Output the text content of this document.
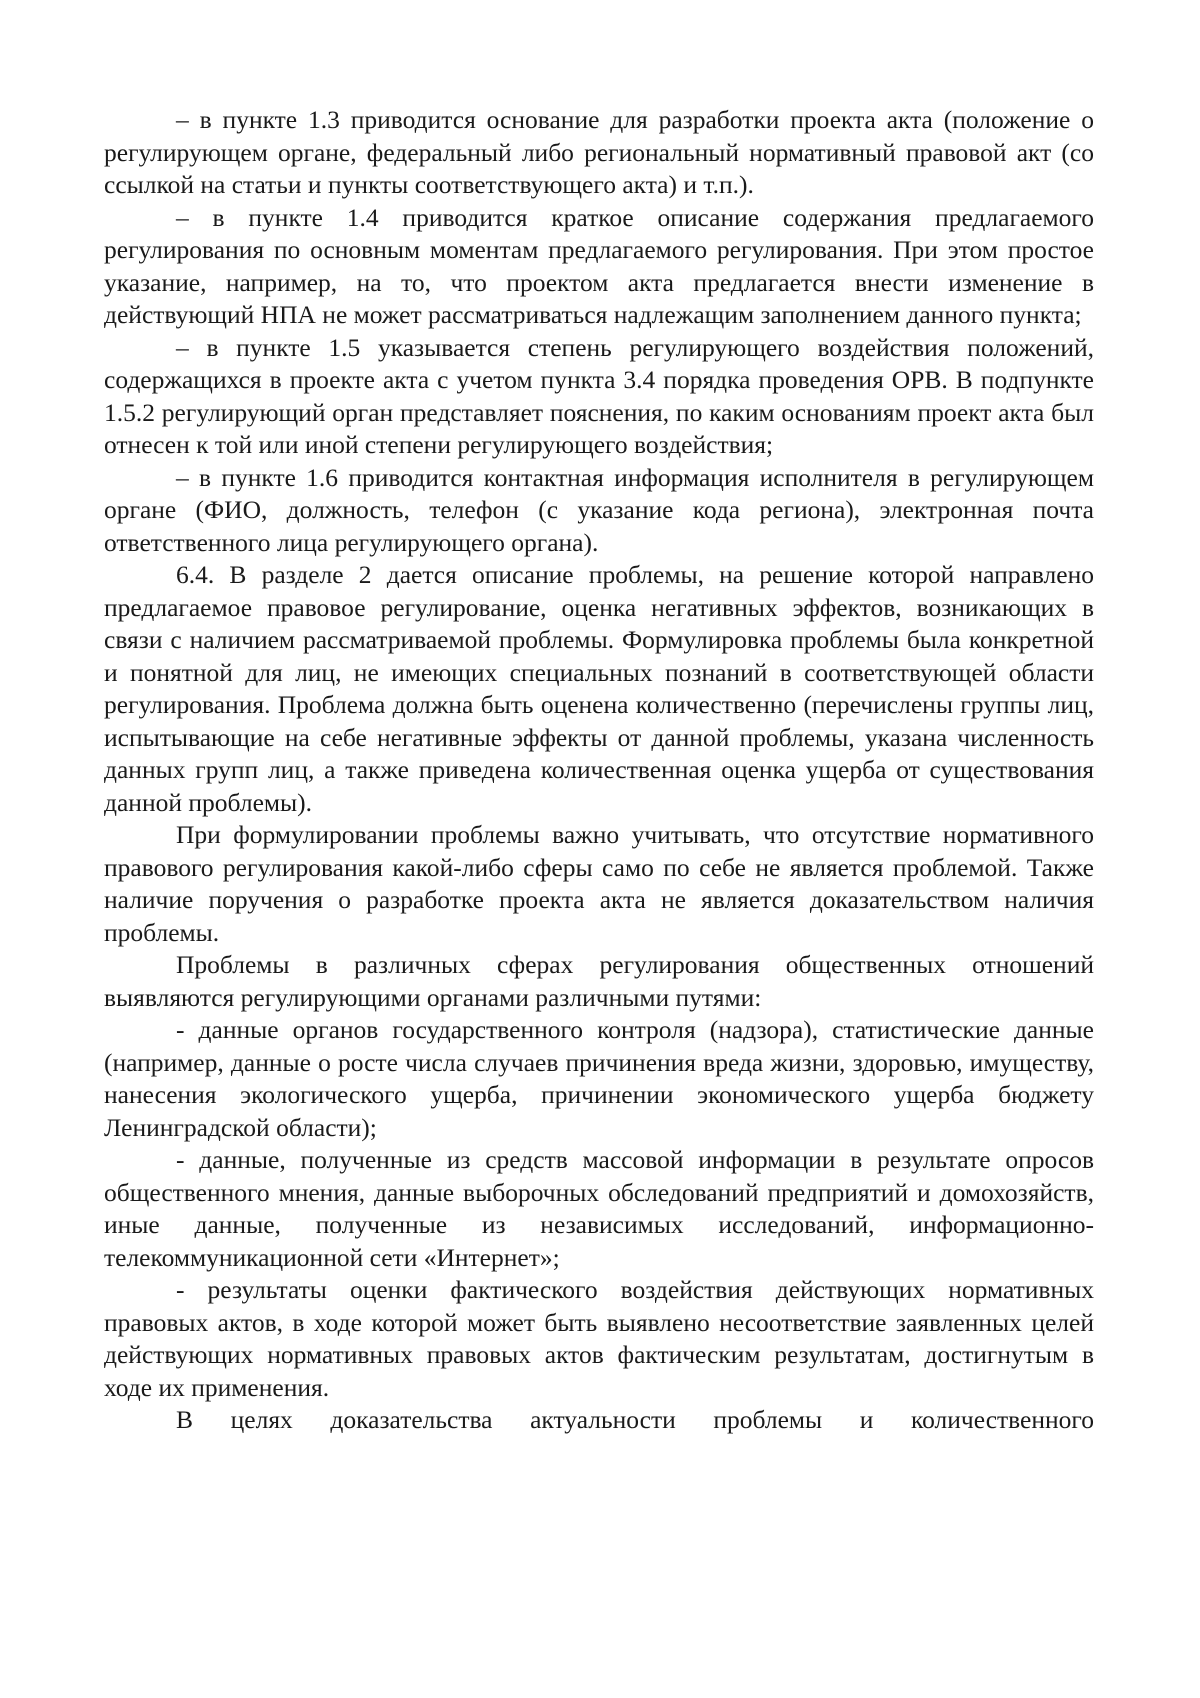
– в пункте 1.3 приводится основание для разработки проекта акта (положение о регулирующем органе, федеральный либо региональный нормативный правовой акт (со ссылкой на статьи и пункты соответствующего акта) и т.п.).

– в пункте 1.4 приводится краткое описание содержания предлагаемого регулирования по основным моментам предлагаемого регулирования. При этом простое указание, например, на то, что проектом акта предлагается внести изменение в действующий НПА не может рассматриваться надлежащим заполнением данного пункта;

– в пункте 1.5 указывается степень регулирующего воздействия положений, содержащихся в проекте акта с учетом пункта 3.4 порядка проведения ОРВ. В подпункте 1.5.2 регулирующий орган представляет пояснения, по каким основаниям проект акта был отнесен к той или иной степени регулирующего воздействия;

– в пункте 1.6 приводится контактная информация исполнителя в регулирующем органе (ФИО, должность, телефон (с указание кода региона), электронная почта ответственного лица регулирующего органа).

6.4. В разделе 2 дается описание проблемы, на решение которой направлено предлагаемое правовое регулирование, оценка негативных эффектов, возникающих в связи с наличием рассматриваемой проблемы. Формулировка проблемы была конкретной и понятной для лиц, не имеющих специальных познаний в соответствующей области регулирования. Проблема должна быть оценена количественно (перечислены группы лиц, испытывающие на себе негативные эффекты от данной проблемы, указана численность данных групп лиц, а также приведена количественная оценка ущерба от существования данной проблемы).

При формулировании проблемы важно учитывать, что отсутствие нормативного правового регулирования какой-либо сферы само по себе не является проблемой. Также наличие поручения о разработке проекта акта не является доказательством наличия проблемы.

Проблемы в различных сферах регулирования общественных отношений выявляются регулирующими органами различными путями:

- данные органов государственного контроля (надзора), статистические данные (например, данные о росте числа случаев причинения вреда жизни, здоровью, имуществу, нанесения экологического ущерба, причинении экономического ущерба бюджету Ленинградской области);

- данные, полученные из средств массовой информации в результате опросов общественного мнения, данные выборочных обследований предприятий и домохозяйств, иные данные, полученные из независимых исследований, информационно-телекоммуникационной сети «Интернет»;

- результаты оценки фактического воздействия действующих нормативных правовых актов, в ходе которой может быть выявлено несоответствие заявленных целей действующих нормативных правовых актов фактическим результатам, достигнутым в ходе их применения.

В целях доказательства актуальности проблемы и количественного
